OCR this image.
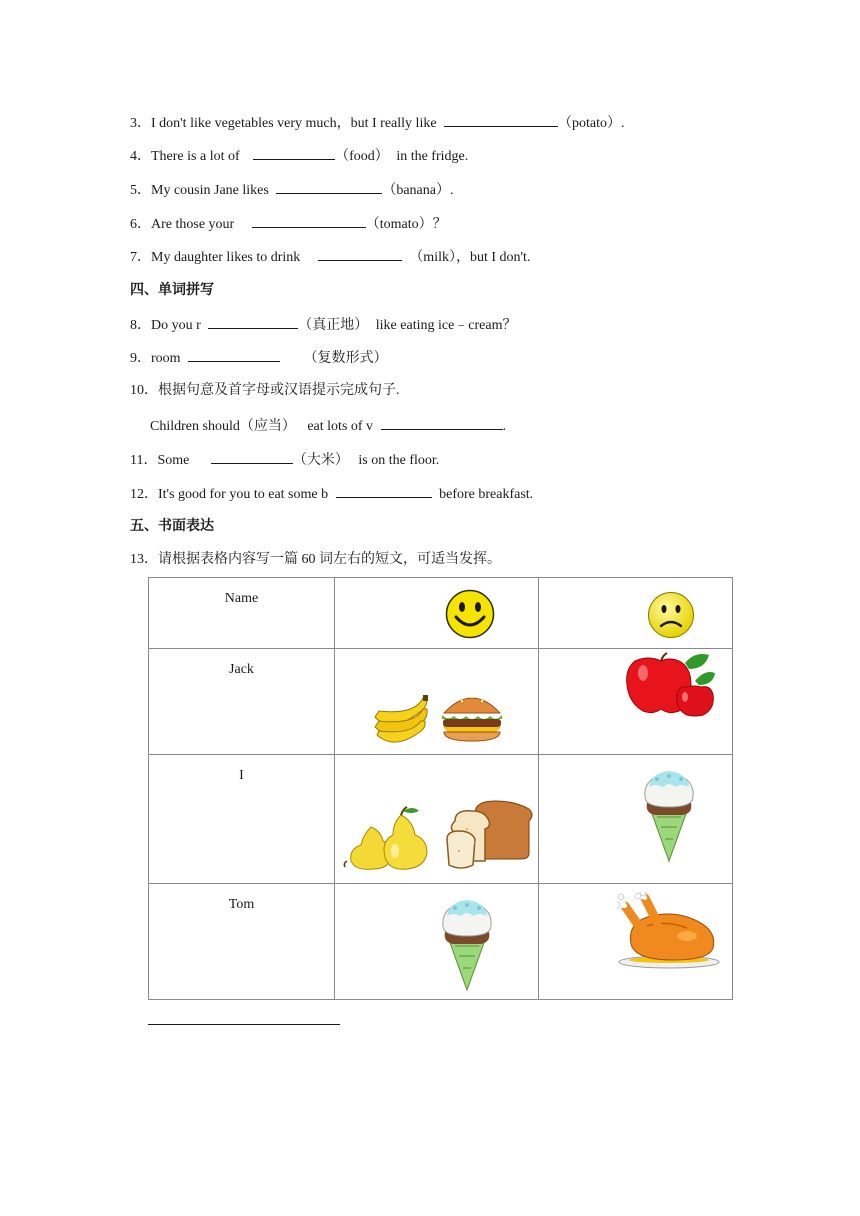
3．I don't like vegetables very much，but I really like	（potato）.
4．There is a lot of	（food） in the fridge.
5．My cousin Jane likes	（banana）.
6．Are those your	（tomato）？
7．My daughter likes to drink	（milk），but I don't.
四、单词拼写
8．Do you r	（真正地） like eating ice﹣cream？
9．room	（复数形式）
10．根据句意及首字母或汉语提示完成句子.
Children should（应当） eat lots of v	.
11．Some	（大米） is on the floor.
12．It's good for you to eat some b	before breakfast.
五、书面表达
13．请根据表格内容写一篇 60 词左右的短文，可适当发挥。
Name

Jack

I

Tom
